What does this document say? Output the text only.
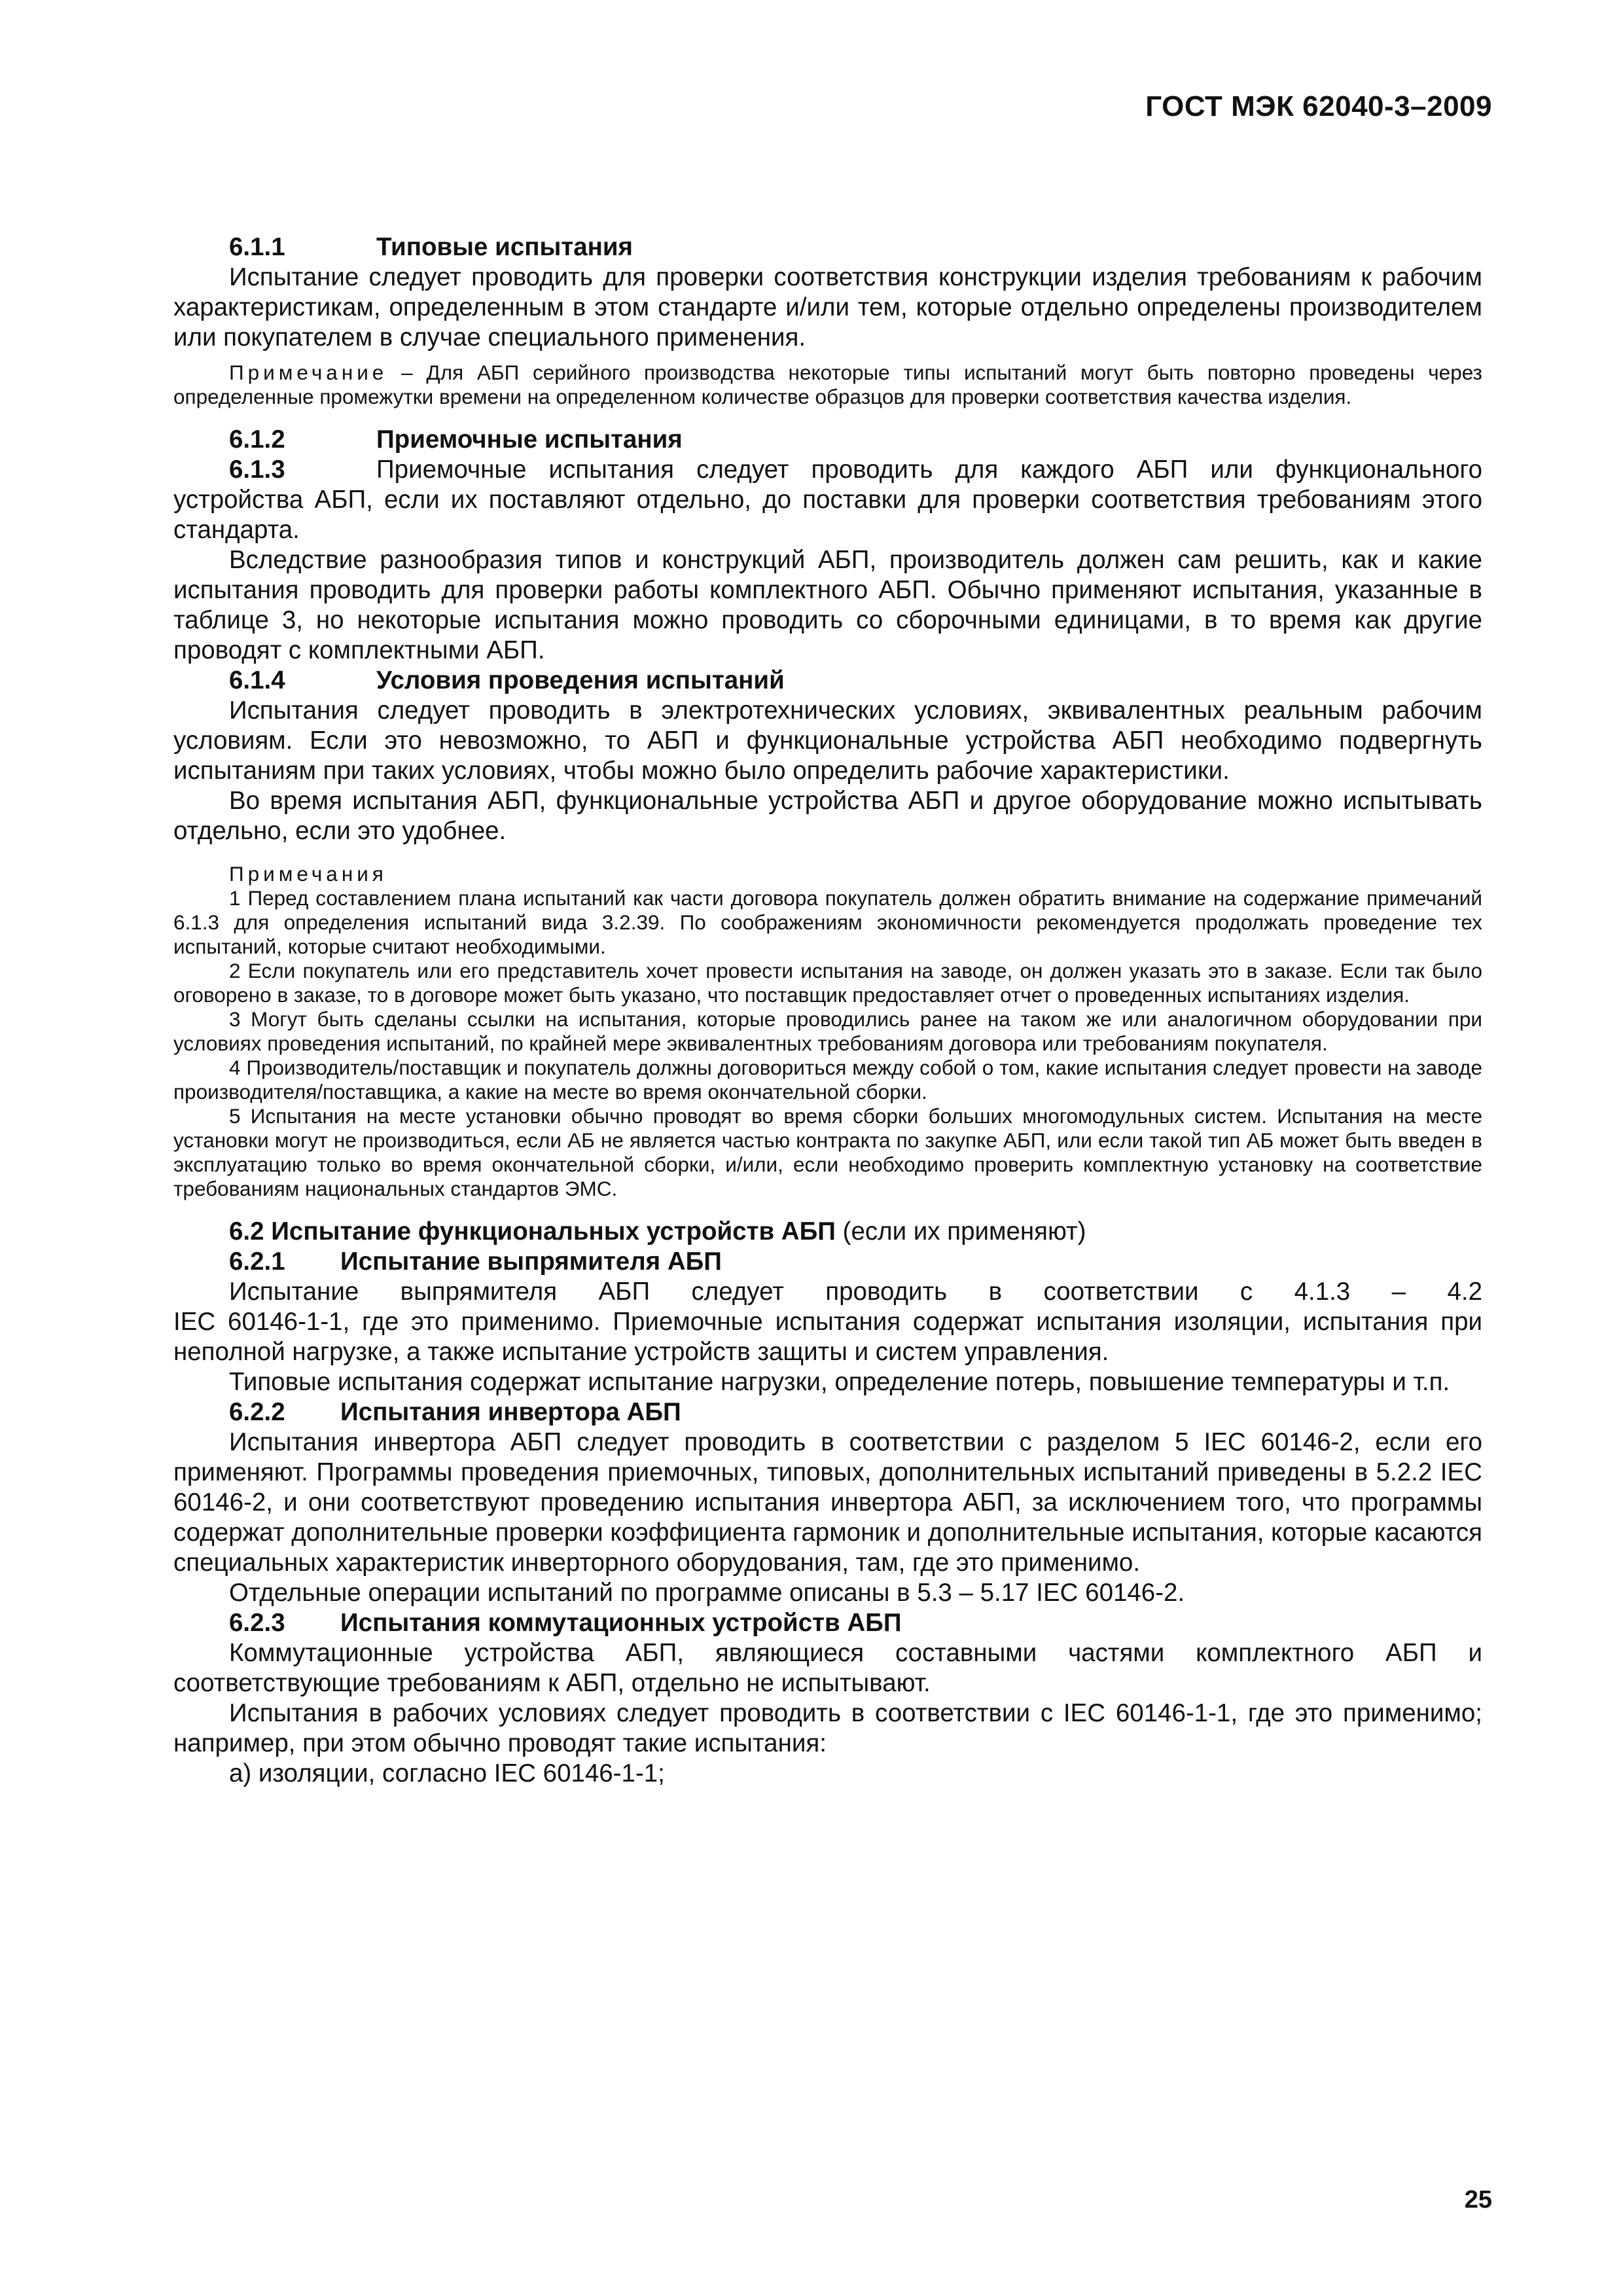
ГОСТ МЭК 62040-3–2009
6.1.1	Типовые испытания

Испытание следует проводить для проверки соответствия конструкции изделия требованиям к рабочим характеристикам, определенным в этом стандарте и/или тем, которые отдельно определены производителем или покупателем в случае специального применения.

Примечание – Для АБП серийного производства некоторые типы испытаний могут быть повторно проведены через определенные промежутки времени на определенном количестве образцов для проверки соответствия качества изделия.

6.1.2	Приемочные испытания

6.1.3	Приемочные испытания следует проводить для каждого АБП или функционального устройства АБП, если их поставляют отдельно, до поставки для проверки соответствия требованиям этого стандарта.

Вследствие разнообразия типов и конструкций АБП, производитель должен сам решить, как и какие испытания проводить для проверки работы комплектного АБП. Обычно применяют испытания, указанные в таблице 3, но некоторые испытания можно проводить со сборочными единицами, в то время как другие проводят с комплектными АБП.

6.1.4	Условия проведения испытаний

Испытания следует проводить в электротехнических условиях, эквивалентных реальным рабочим условиям. Если это невозможно, то АБП и функциональные устройства АБП необходимо подвергнуть испытаниям при таких условиях, чтобы можно было определить рабочие характеристики.

Во время испытания АБП, функциональные устройства АБП и другое оборудование можно испытывать отдельно, если это удобнее.

Примечания

1 Перед составлением плана испытаний как части договора покупатель должен обратить внимание на содержание примечаний 6.1.3 для определения испытаний вида 3.2.39. По соображениям экономичности рекомендуется продолжать проведение тех испытаний, которые считают необходимыми.

2 Если покупатель или его представитель хочет провести испытания на заводе, он должен указать это в заказе. Если так было оговорено в заказе, то в договоре может быть указано, что поставщик предоставляет отчет о проведенных испытаниях изделия.

3 Могут быть сделаны ссылки на испытания, которые проводились ранее на таком же или аналогичном оборудовании при условиях проведения испытаний, по крайней мере эквивалентных требованиям договора или требованиям покупателя.

4 Производитель/поставщик и покупатель должны договориться между собой о том, какие испытания следует провести на заводе производителя/поставщика, а какие на месте во время окончательной сборки.

5 Испытания на месте установки обычно проводят во время сборки больших многомодульных систем. Испытания на месте установки могут не производиться, если АБ не является частью контракта по закупке АБП, или если такой тип АБ может быть введен в эксплуатацию только во время окончательной сборки, и/или, если необходимо проверить комплектную установку на соответствие требованиям национальных стандартов ЭМС.

6.2 Испытание функциональных устройств АБП (если их применяют)
6.2.1 Испытание выпрямителя АБП

Испытание выпрямителя АБП следует проводить в соответствии с 4.1.3 – 4.2

IEC 60146-1-1, где это применимо. Приемочные испытания содержат испытания изоляции, испытания при неполной нагрузке, а также испытание устройств защиты и систем управления.

Типовые испытания содержат испытание нагрузки, определение потерь, повышение температуры и т.п.

6.2.2 Испытания инвертора АБП

Испытания инвертора АБП следует проводить в соответствии с разделом 5 IEC 60146-2, если его применяют. Программы проведения приемочных, типовых, дополнительных испытаний приведены в 5.2.2 IEC 60146-2, и они соответствуют проведению испытания инвертора АБП, за исключением того, что программы содержат дополнительные проверки коэффициента гармоник и дополнительные испытания, которые касаются специальных характеристик инверторного оборудования, там, где это применимо.

Отдельные операции испытаний по программе описаны в 5.3 – 5.17 IEC 60146-2.

6.2.3 Испытания коммутационных устройств АБП

Коммутационные устройства АБП, являющиеся составными частями комплектного АБП и соответствующие требованиям к АБП, отдельно не испытывают.

Испытания в рабочих условиях следует проводить в соответствии с IEC 60146-1-1, где это применимо; например, при этом обычно проводят такие испытания:

а) изоляции, согласно IEC 60146-1-1;

25
